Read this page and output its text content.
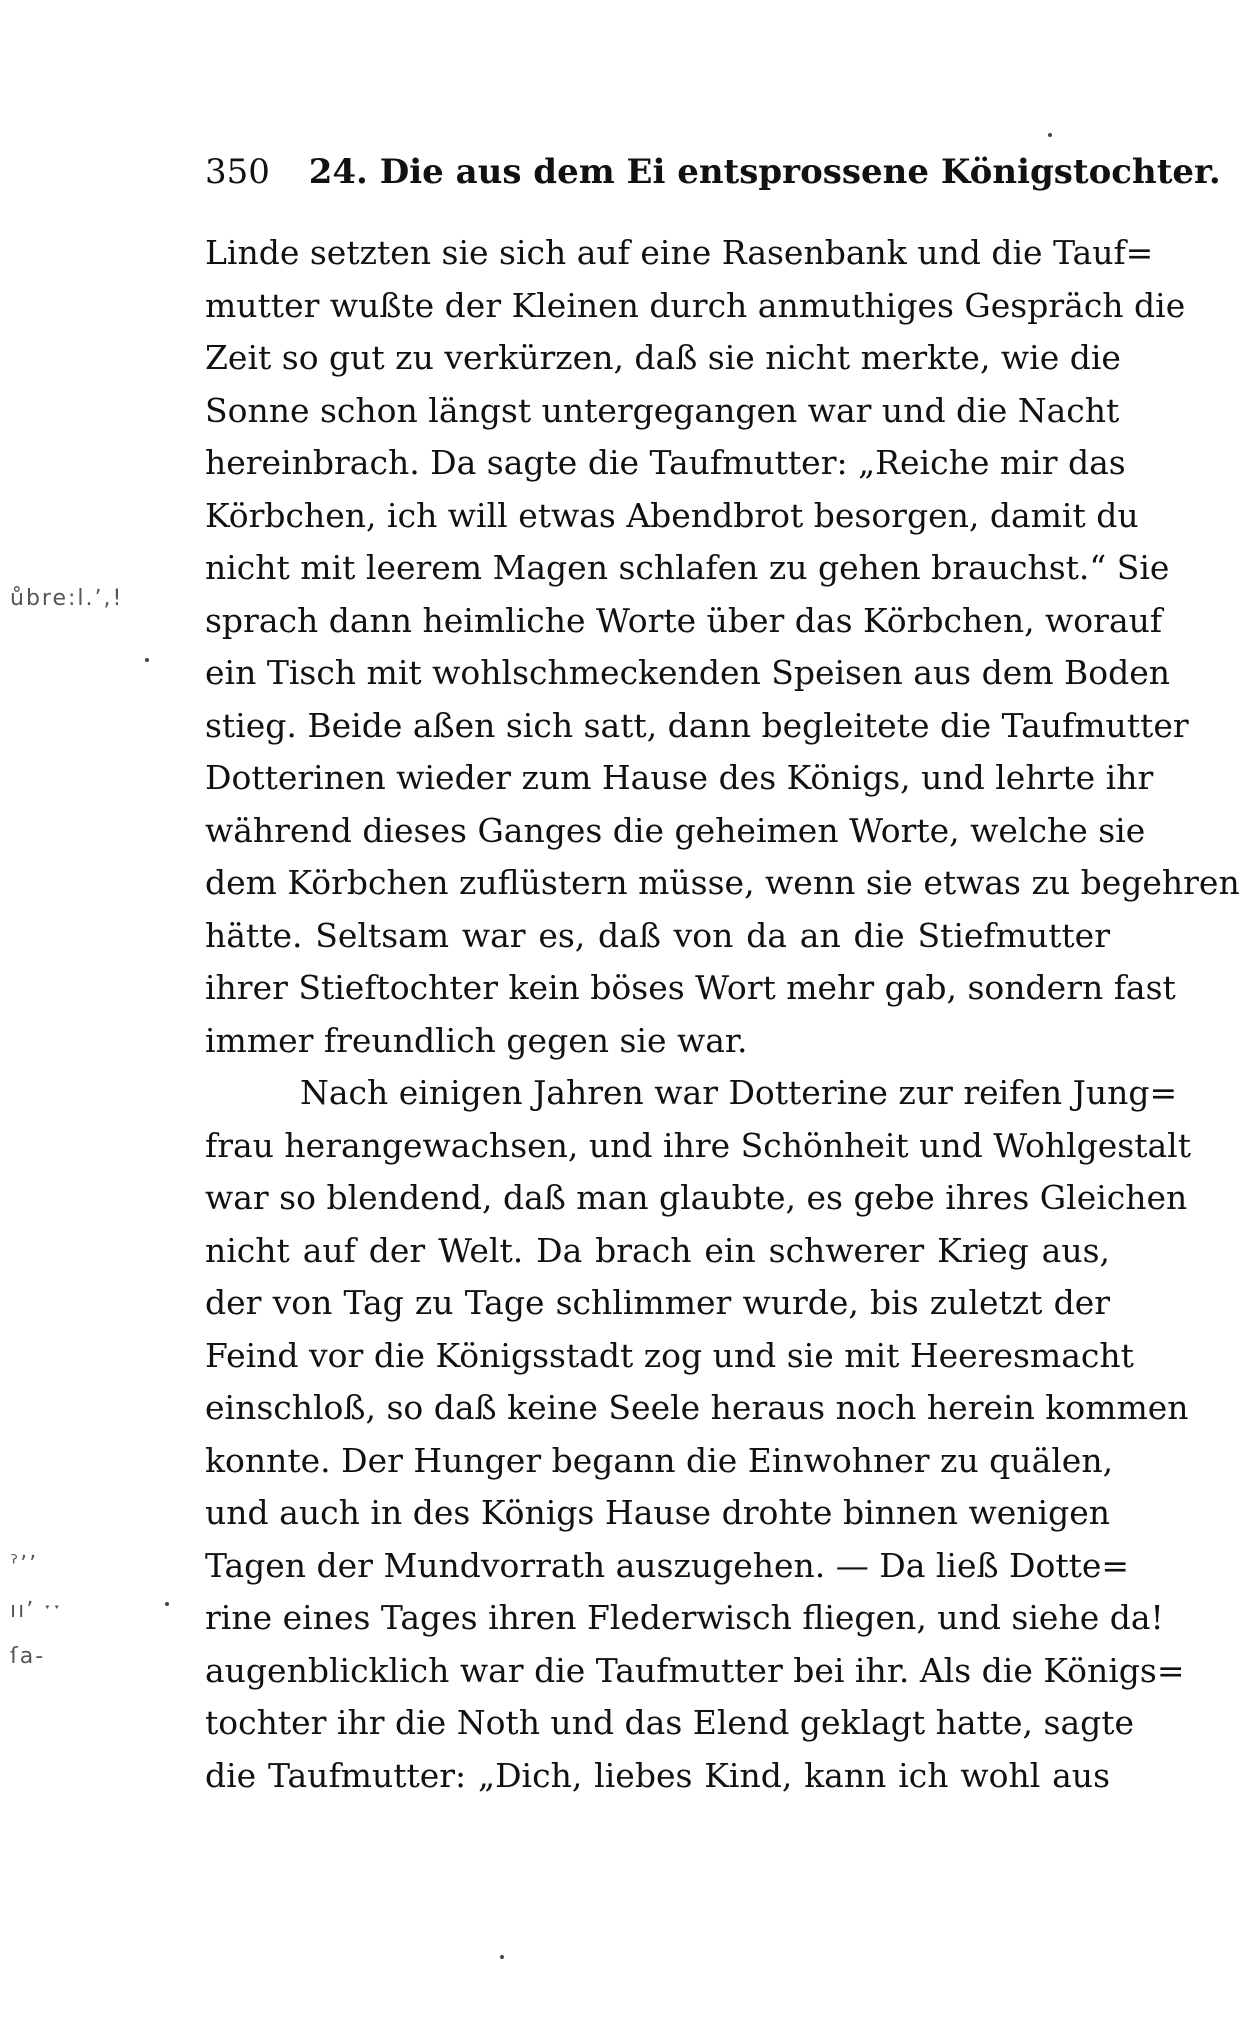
350 24. Die aus dem Ei entsprossene Königstochter.
Linde setzten sie sich auf eine Rasenbank und die Tauf=
mutter wußte der Kleinen durch anmuthiges Gespräch die
Zeit so gut zu verkürzen, daß sie nicht merkte, wie die
Sonne schon längst untergegangen war und die Nacht
hereinbrach. Da sagte die Taufmutter: „Reiche mir das
Körbchen, ich will etwas Abendbrot besorgen, damit du
nicht mit leerem Magen schlafen zu gehen brauchst.“ Sie
sprach dann heimliche Worte über das Körbchen, worauf
ein Tisch mit wohlschmeckenden Speisen aus dem Boden
stieg. Beide aßen sich satt, dann begleitete die Taufmutter
Dotterinen wieder zum Hause des Königs, und lehrte ihr
während dieses Ganges die geheimen Worte, welche sie
dem Körbchen zuflüstern müsse, wenn sie etwas zu begehren
hätte. Seltsam war es, daß von da an die Stiefmutter
ihrer Stieftochter kein böses Wort mehr gab, sondern fast
immer freundlich gegen sie war.
Nach einigen Jahren war Dotterine zur reifen Jung=
frau herangewachsen, und ihre Schönheit und Wohlgestalt
war so blendend, daß man glaubte, es gebe ihres Gleichen
nicht auf der Welt. Da brach ein schwerer Krieg aus,
der von Tag zu Tage schlimmer wurde, bis zuletzt der
Feind vor die Königsstadt zog und sie mit Heeresmacht
einschloß, so daß keine Seele heraus noch herein kommen
konnte. Der Hunger begann die Einwohner zu quälen,
und auch in des Königs Hause drohte binnen wenigen
Tagen der Mundvorrath auszugehen. — Da ließ Dotte=
rine eines Tages ihren Flederwisch fliegen, und siehe da!
augenblicklich war die Taufmutter bei ihr. Als die Königs=
tochter ihr die Noth und das Elend geklagt hatte, sagte
die Taufmutter: „Dich, liebes Kind, kann ich wohl aus
ůbre:l.ʼ,!
ˀʼʼ
ııʼ ˑˑ
ſa-
